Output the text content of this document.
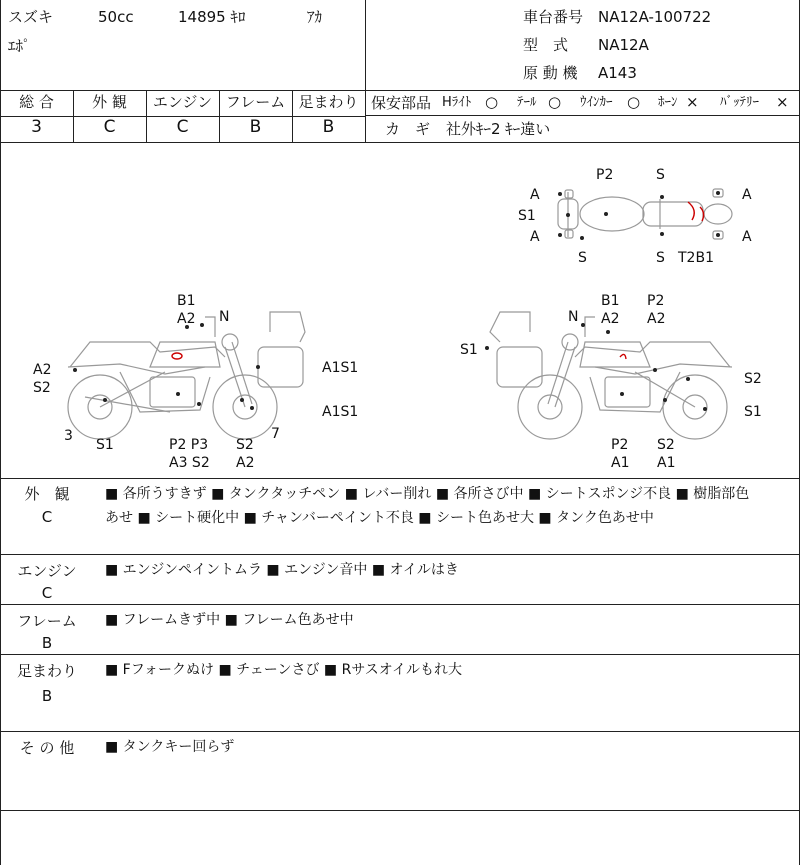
スズキ	50cc	14895 ｷﾛ	ｱｶ
ｴﾎﾟ
車台番号 NA12A-100722
型　式 NA12A
原 動 機 A143
総 合	外 観	エンジン フレーム 足まわり
3	C	C	B	B
保安部品 Hﾗｲﾄ ○ ﾃｰﾙ ○ ｳｲﾝｶｰ ○ ﾎｰﾝ × ﾊﾞｯﾃﾘｰ ×
カ　ギ 社外ｷｰ2 ｷｰ違い
A
S1
A
S
P2	S
A
A
S T2B1
B1
A2 N
A2
S2
A1S1
A1S1
3
S1	P2 P3
A3 S2
S2
A2
7
B1 P2
N A2 A2
S1
S2
S1
P2
A1
S2
A1
外　観
C
■ 各所うすきず ■ タンクタッチペン ■ レバー削れ ■ 各所さび中 ■ シートスポンジ不良 ■ 樹脂部色
あせ ■ シート硬化中 ■ チャンバーペイント不良 ■ シート色あせ大 ■ タンク色あせ中
エンジン
C
■ エンジンペイントムラ ■ エンジン音中 ■ オイルはき
フレーム
B
■ フレームきず中 ■ フレーム色あせ中
足まわり
B
■ Fフォークぬけ ■ チェーンさび ■ Rサスオイルもれ大
そ の 他	■ タンクキー回らず
